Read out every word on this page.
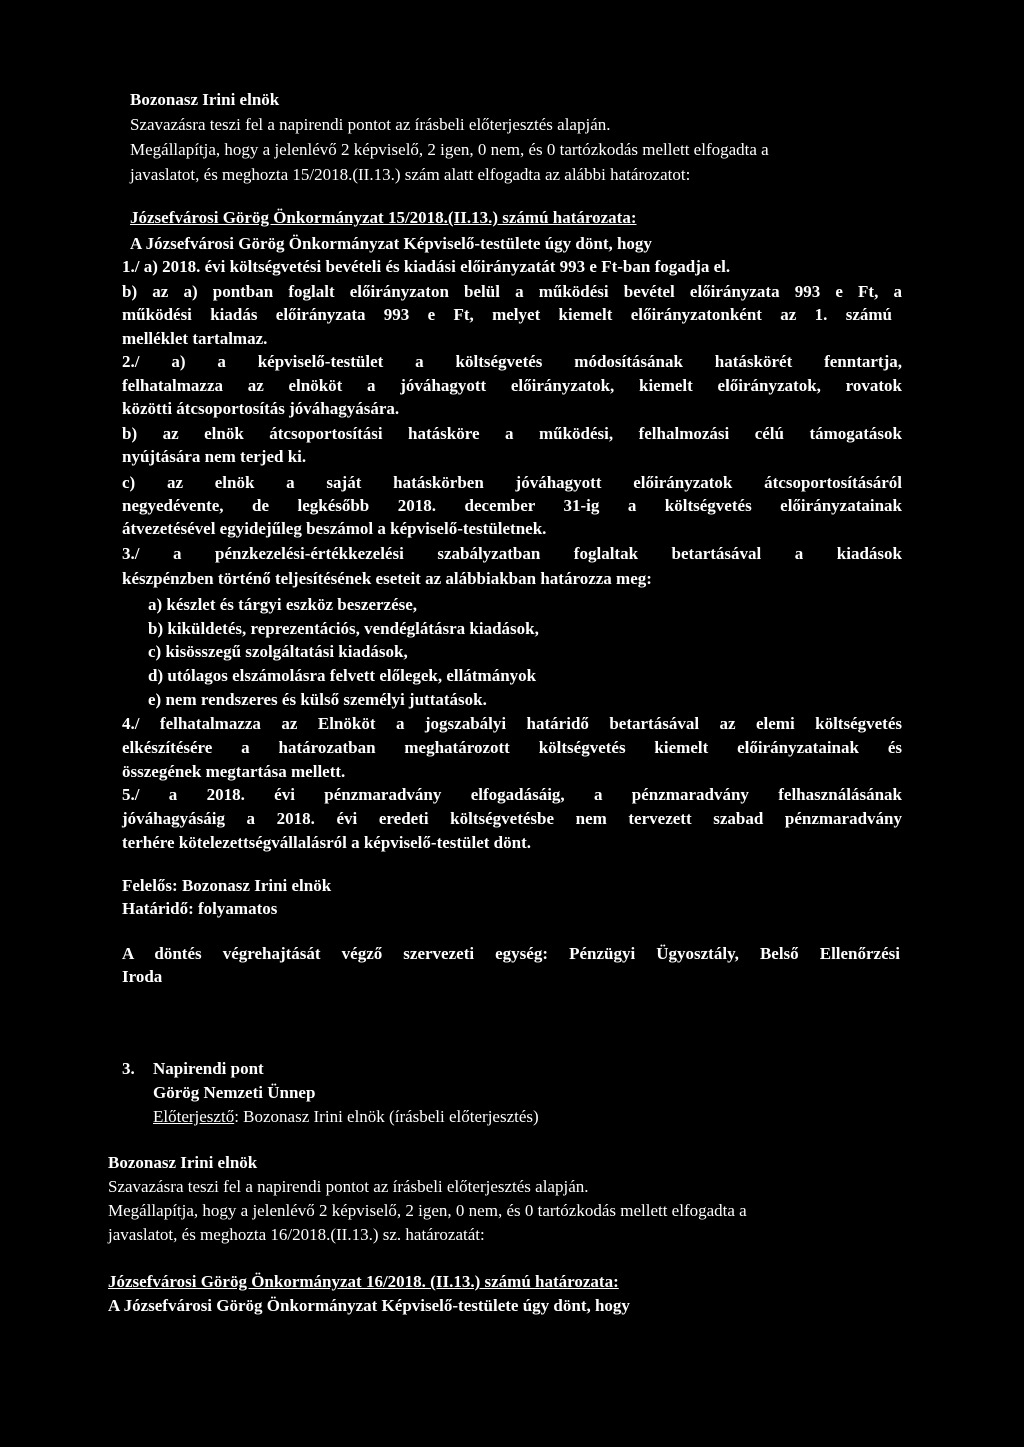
Bozonasz Irini elnök
Szavazásra teszi fel a napirendi pontot az írásbeli előterjesztés alapján.
Megállapítja, hogy a jelenlévő 2 képviselő, 2 igen, 0 nem, és 0 tartózkodás mellett elfogadta a
javaslatot, és meghozta 15/2018.(II.13.) szám alatt elfogadta az alábbi határozatot:
Józsefvárosi Görög Önkormányzat 15/2018.(II.13.) számú határozata:
A Józsefvárosi Görög Önkormányzat Képviselő-testülete úgy dönt, hogy
1./ a) 2018. évi költségvetési bevételi és kiadási előirányzatát 993 e Ft-ban fogadja el.
b) az a) pontban foglalt előirányzaton belül a működési bevétel előirányzata 993 e Ft, a
működési kiadás előirányzata 993 e Ft, melyet kiemelt előirányzatonként az 1. számú
melléklet tartalmaz.
2./ a) a képviselő-testület a költségvetés módosításának hatáskörét fenntartja,
felhatalmazza az elnököt a jóváhagyott előirányzatok, kiemelt előirányzatok, rovatok
közötti átcsoportosítás jóváhagyására.
b) az elnök átcsoportosítási hatásköre a működési, felhalmozási célú támogatások
nyújtására nem terjed ki.
c) az elnök a saját hatáskörben jóváhagyott előirányzatok átcsoportosításáról
negyedévente, de legkésőbb 2018. december 31-ig a költségvetés előirányzatainak
átvezetésével egyidejűleg beszámol a képviselő-testületnek.
3./ a pénzkezelési-értékkezelési szabályzatban foglaltak betartásával a kiadások
készpénzben történő teljesítésének eseteit az alábbiakban határozza meg:
a) készlet és tárgyi eszköz beszerzése,
b) kiküldetés, reprezentációs, vendéglátásra kiadások,
c) kisösszegű szolgáltatási kiadások,
d) utólagos elszámolásra felvett előlegek, ellátmányok
e) nem rendszeres és külső személyi juttatások.
4./ felhatalmazza az Elnököt a jogszabályi határidő betartásával az elemi költségvetés
elkészítésére a határozatban meghatározott költségvetés kiemelt előirányzatainak és
összegének megtartása mellett.
5./ a 2018. évi pénzmaradvány elfogadásáig, a pénzmaradvány felhasználásának
jóváhagyásáig a 2018. évi eredeti költségvetésbe nem tervezett szabad pénzmaradvány
terhére kötelezettségvállalásról a képviselő-testület dönt.
Felelős: Bozonasz Irini elnök
Határidő: folyamatos
A döntés végrehajtását végző szervezeti egység: Pénzügyi Ügyosztály, Belső Ellenőrzési
Iroda
3. Napirendi pont
Görög Nemzeti Ünnep
Előterjesztő: Bozonasz Irini elnök (írásbeli előterjesztés)
Bozonasz Irini elnök
Szavazásra teszi fel a napirendi pontot az írásbeli előterjesztés alapján.
Megállapítja, hogy a jelenlévő 2 képviselő, 2 igen, 0 nem, és 0 tartózkodás mellett elfogadta a
javaslatot, és meghozta 16/2018.(II.13.) sz. határozatát:
Józsefvárosi Görög Önkormányzat 16/2018. (II.13.) számú határozata:
A Józsefvárosi Görög Önkormányzat Képviselő-testülete úgy dönt, hogy
